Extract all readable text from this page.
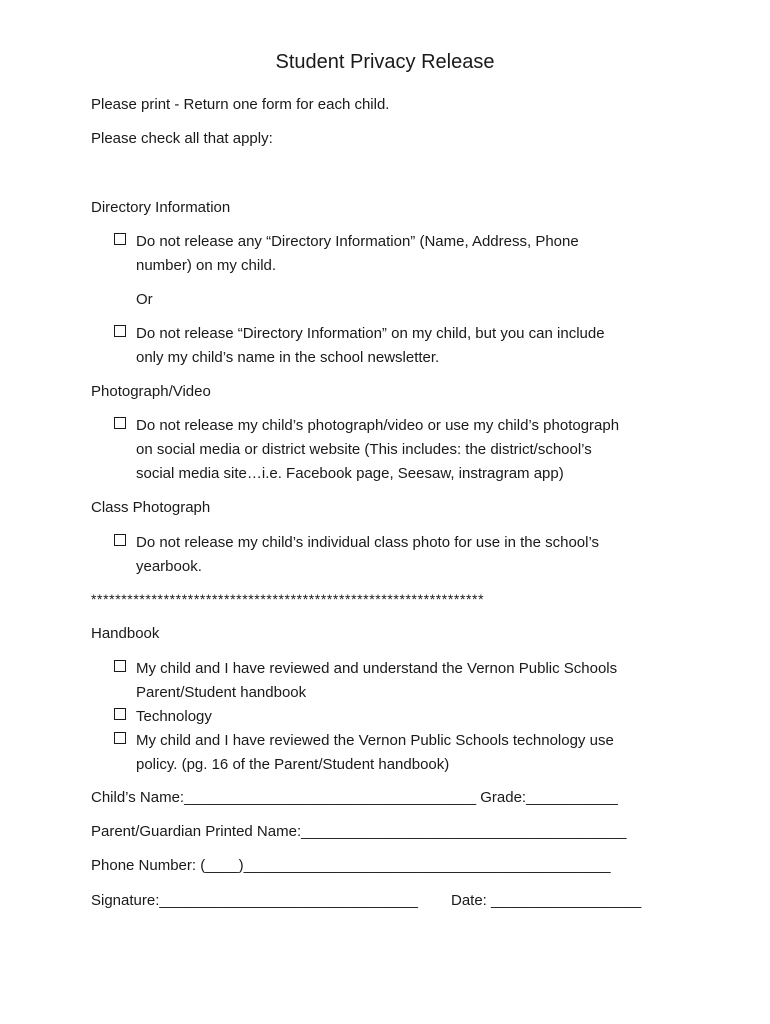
Student Privacy Release
Please print - Return one form for each child.
Please check all that apply:
Directory Information
Do not release any “Directory Information” (Name, Address, Phone
number) on my child.
Or
Do not release “Directory Information” on my child, but you can include
only my child’s name in the school newsletter.
Photograph/Video
Do not release my child’s photograph/video or use my child’s photograph
on social media or district website (This includes: the district/school’s
social media site…i.e. Facebook page, Seesaw, instragram app)
Class Photograph
Do not release my child’s individual class photo for use in the school’s
yearbook.
*****************************************************************
Handbook
My child and I have reviewed and understand the Vernon Public Schools
Parent/Student handbook
Technology
My child and I have reviewed the Vernon Public Schools technology use
policy. (pg. 16 of the Parent/Student handbook)
Child’s Name:___________________________________ Grade:___________
Parent/Guardian Printed Name:_______________________________________
Phone Number: (____)____________________________________________
Signature:_______________________________ Date: __________________
